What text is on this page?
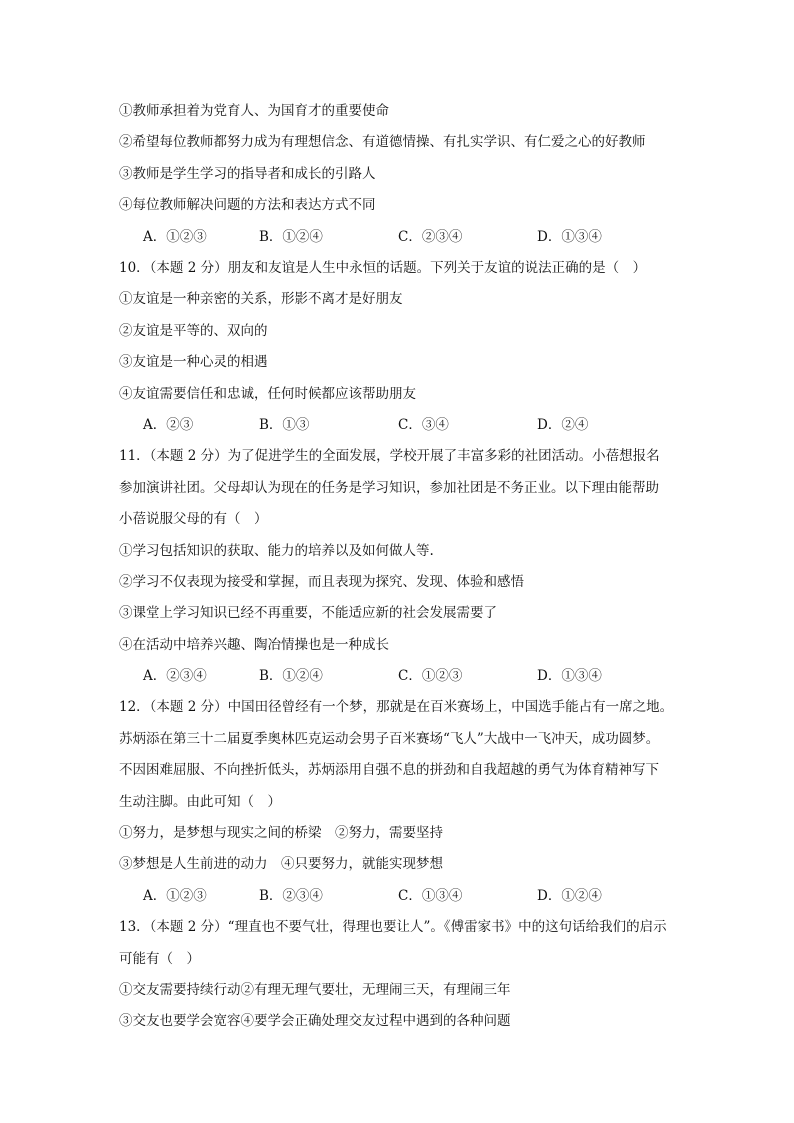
①教师承担着为党育人、为国育才的重要使命
②希望每位教师都努力成为有理想信念、有道德情操、有扎实学识、有仁爱之心的好教师
③教师是学生学习的指导者和成长的引路人
④每位教师解决问题的方法和表达方式不同
A．①②③	B．①②④	C．②③④	D．①③④
10．（本题 2 分）朋友和友谊是人生中永恒的话题。下列关于友谊的说法正确的是（　）
①友谊是一种亲密的关系，形影不离才是好朋友
②友谊是平等的、双向的
③友谊是一种心灵的相遇
④友谊需要信任和忠诚，任何时候都应该帮助朋友
A．②③	B．①③	C．③④	D．②④
11．（本题 2 分）为了促进学生的全面发展，学校开展了丰富多彩的社团活动。小蓓想报名
参加演讲社团。父母却认为现在的任务是学习知识，参加社团是不务正业。以下理由能帮助
小蓓说服父母的有（　）
①学习包括知识的获取、能力的培养以及如何做人等.
②学习不仅表现为接受和掌握，而且表现为探究、发现、体验和感悟
③课堂上学习知识已经不再重要，不能适应新的社会发展需要了
④在活动中培养兴趣、陶冶情操也是一种成长
A．②③④	B．①②④	C．①②③	D．①③④
12．（本题 2 分）中国田径曾经有一个梦，那就是在百米赛场上，中国选手能占有一席之地。
苏炳添在第三十二届夏季奥林匹克运动会男子百米赛场“飞人”大战中一飞冲天，成功圆梦。
不因困难屈服、不向挫折低头，苏炳添用自强不息的拼劲和自我超越的勇气为体育精神写下
生动注脚。由此可知（　）
①努力，是梦想与现实之间的桥梁　②努力，需要坚持
③梦想是人生前进的动力　④只要努力，就能实现梦想
A．①②③	B．②③④	C．①③④	D．①②④
13．（本题 2 分）“理直也不要气壮，得理也要让人”。《傅雷家书》中的这句话给我们的启示
可能有（　）
①交友需要持续行动②有理无理气要壮，无理闹三天，有理闹三年
③交友也要学会宽容④要学会正确处理交友过程中遇到的各种问题
